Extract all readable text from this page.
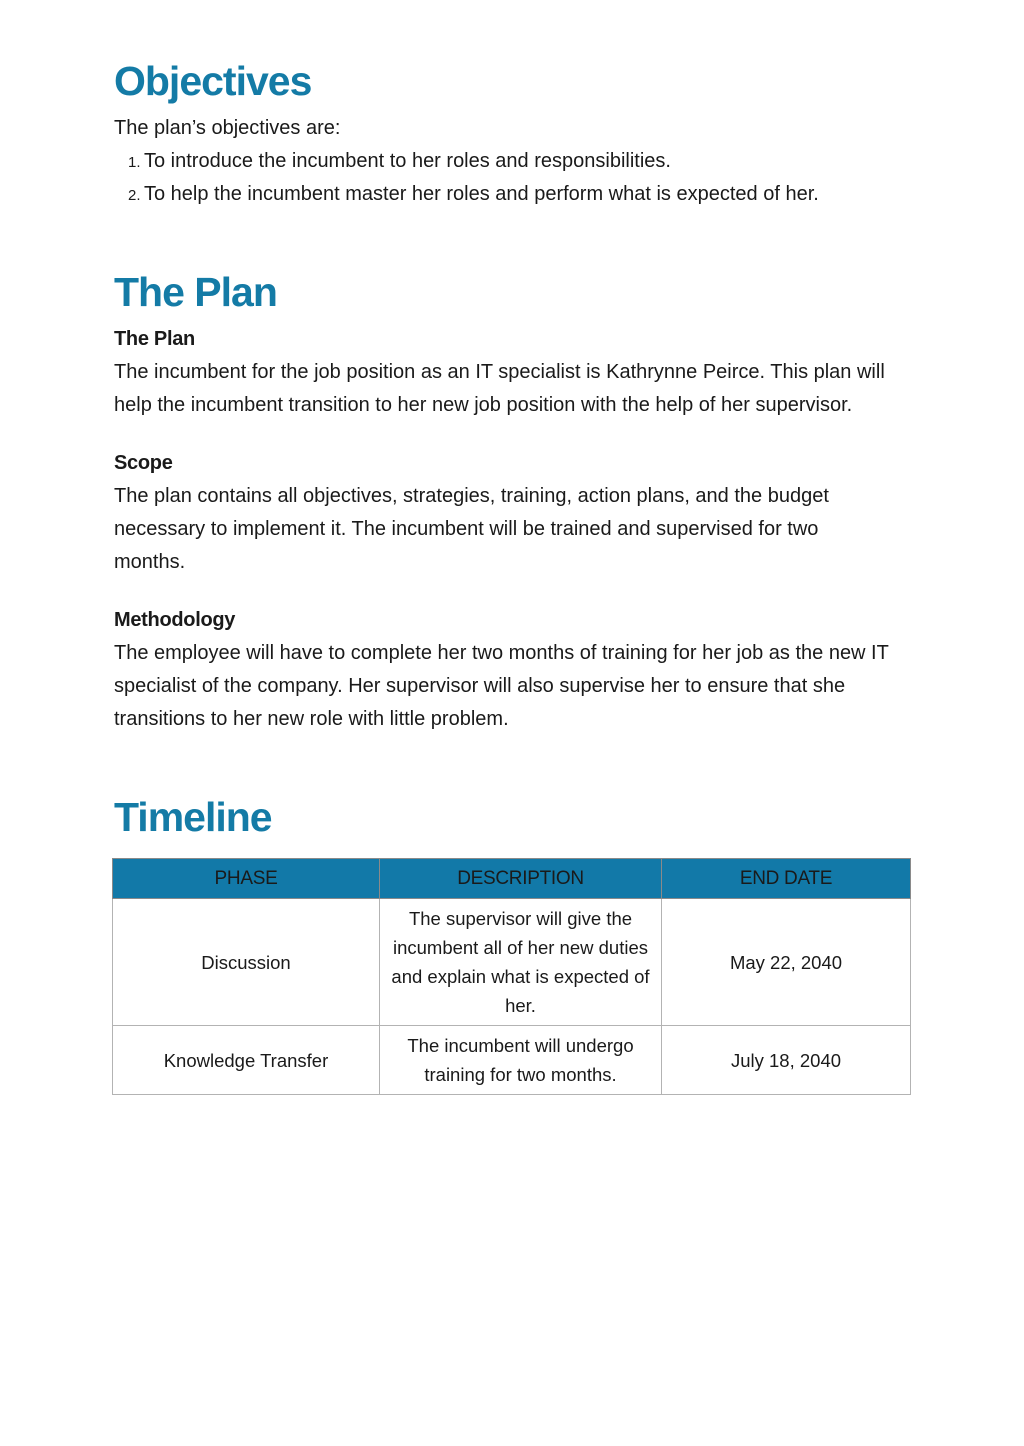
Objectives

The plan’s objectives are:

1. To introduce the incumbent to her roles and responsibilities.
2. To help the incumbent master her roles and perform what is expected of her.
The Plan
The Plan

The incumbent for the job position as an IT specialist is Kathrynne Peirce. This plan will help the incumbent transition to her new job position with the help of her supervisor.

Scope

The plan contains all objectives, strategies, training, action plans, and the budget necessary to implement it. The incumbent will be trained and supervised for two months.

Methodology

The employee will have to complete her two months of training for her job as the new IT specialist of the company. Her supervisor will also supervise her to ensure that she transitions to her new role with little problem.

Timeline
PHASE	DESCRIPTION	END DATE
Discussion	The supervisor will give the incumbent all of her new duties and explain what is expected of her.	May 22, 2040
Knowledge Transfer	The incumbent will undergo training for two months.	July 18, 2040
